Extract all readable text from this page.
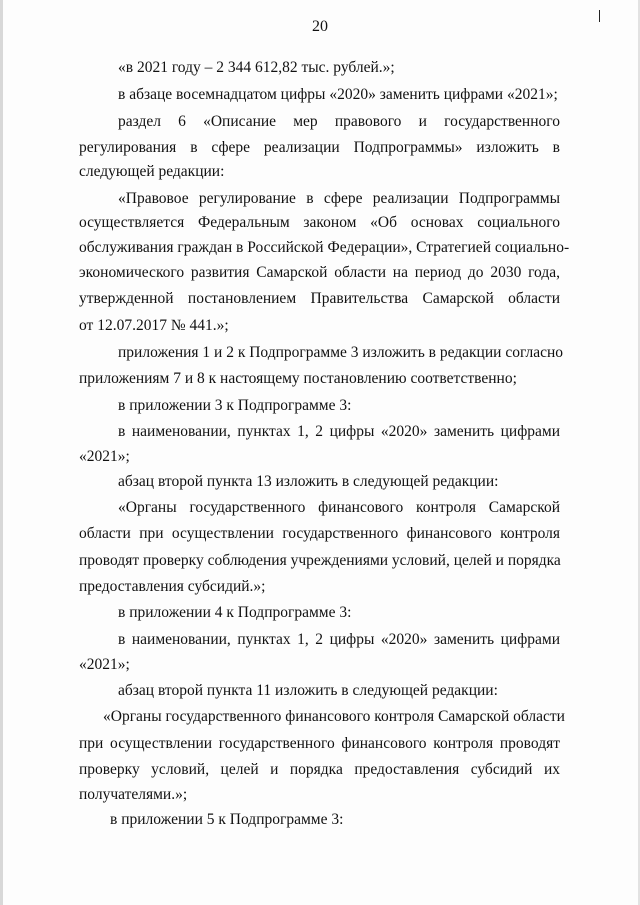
20

«в 2021 году – 2 344 612,82 тыс. рублей.»;

в абзаце восемнадцатом цифры «2020» заменить цифрами «2021»;

раздел 6 «Описание мер правового и государственного

регулирования в сфере реализации Подпрограммы» изложить в

следующей редакции:

«Правовое регулирование в сфере реализации Подпрограммы

осуществляется Федеральным законом «Об основах социального

обслуживания граждан в Российской Федерации», Стратегией социально-

экономического развития Самарской области на период до 2030 года,

утвержденной постановлением Правительства Самарской области

от 12.07.2017 № 441.»;

приложения 1 и 2 к Подпрограмме 3 изложить в редакции согласно

приложениям 7 и 8 к настоящему постановлению соответственно;

в приложении 3 к Подпрограмме 3:

в наименовании, пунктах 1, 2 цифры «2020» заменить цифрами

«2021»;

абзац второй пункта 13 изложить в следующей редакции:

«Органы государственного финансового контроля Самарской

области при осуществлении государственного финансового контроля

проводят проверку соблюдения учреждениями условий, целей и порядка

предоставления субсидий.»;

в приложении 4 к Подпрограмме 3:

в наименовании, пунктах 1, 2 цифры «2020» заменить цифрами

«2021»;

абзац второй пункта 11 изложить в следующей редакции:

«Органы государственного финансового контроля Самарской области

при осуществлении государственного финансового контроля проводят

проверку условий, целей и порядка предоставления субсидий их

получателями.»;

в приложении 5 к Подпрограмме 3:
